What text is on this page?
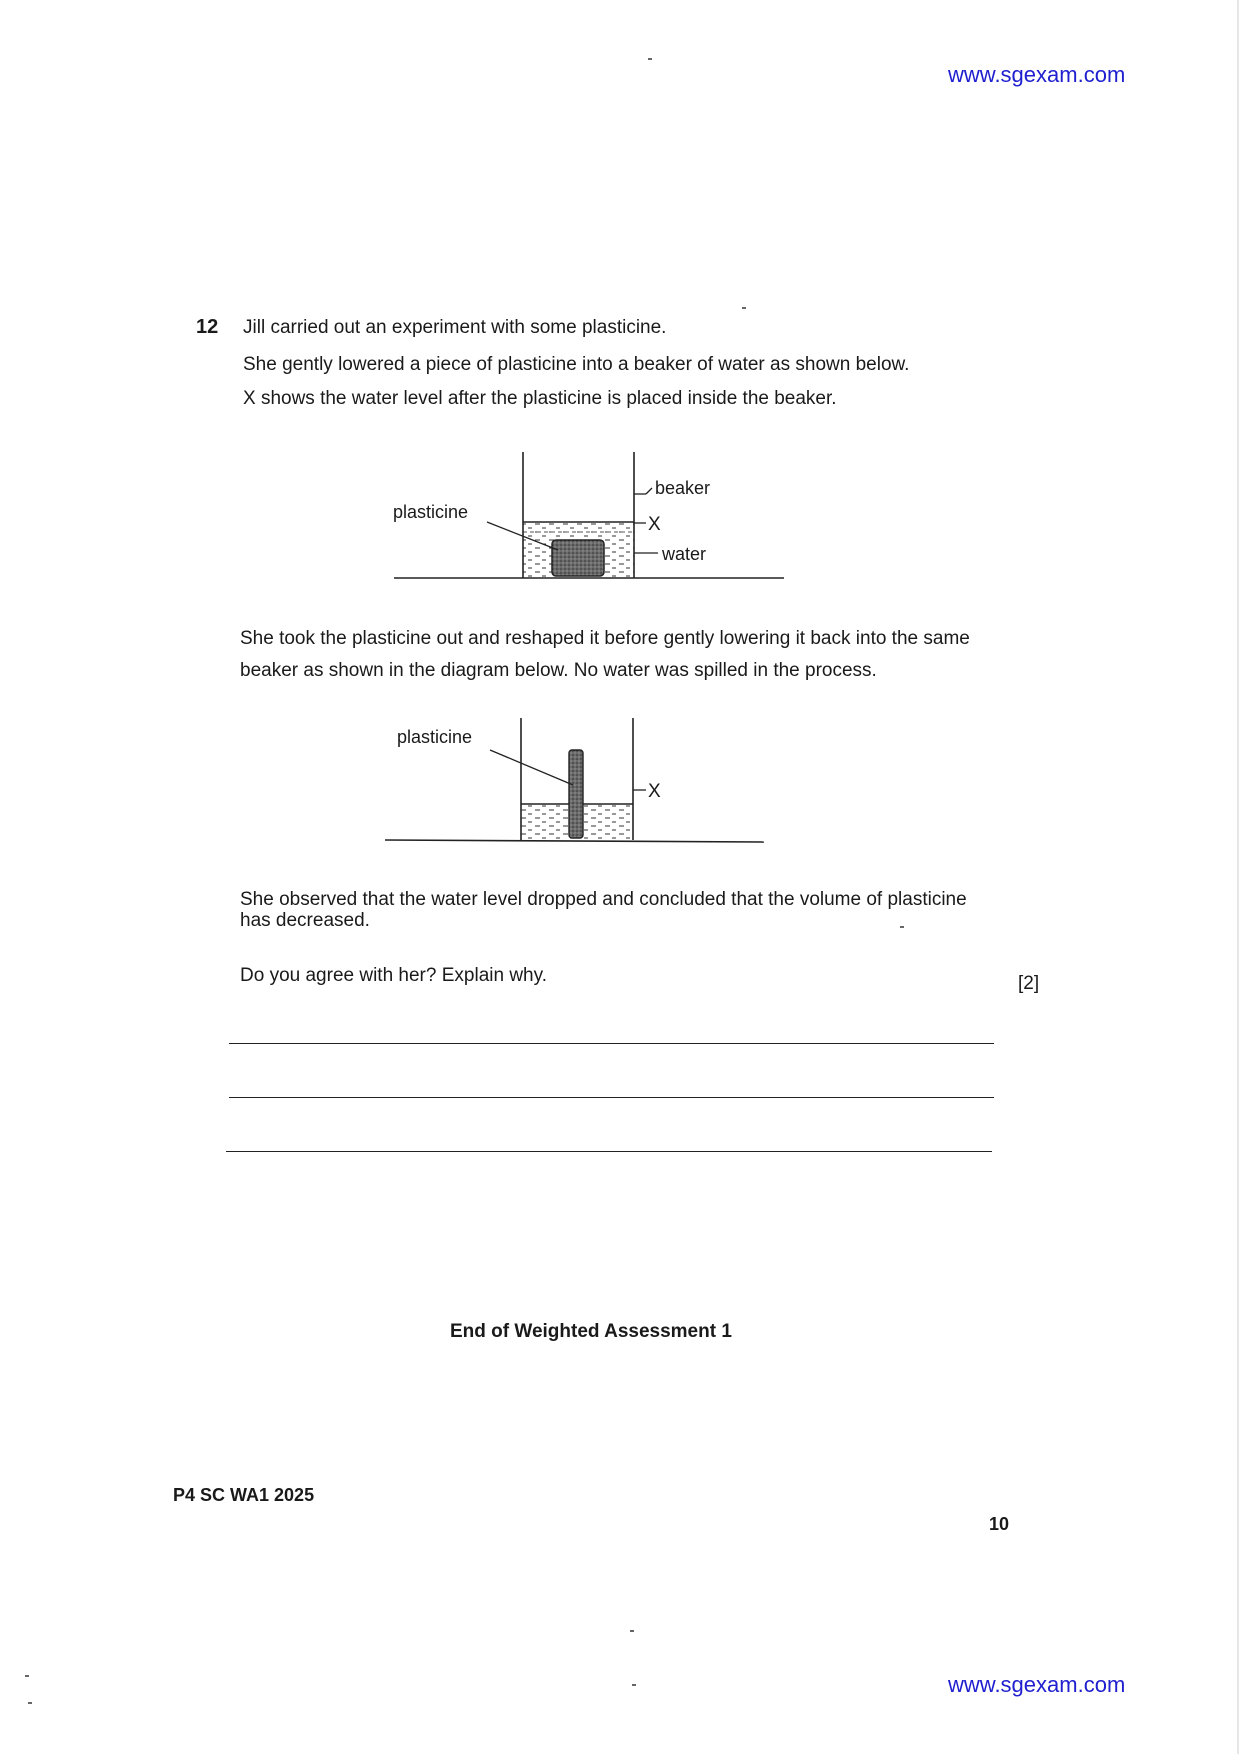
www.sgexam.com
12 Jill carried out an experiment with some plasticine.
She gently lowered a piece of plasticine into a beaker of water as shown below.
X shows the water level after the plasticine is placed inside the beaker.
plasticine
beaker
X
water
She took the plasticine out and reshaped it before gently lowering it back into the same
beaker as shown in the diagram below. No water was spilled in the process.
plasticine
X
She observed that the water level dropped and concluded that the volume of plasticine
has decreased.
Do you agree with her? Explain why.	[2]
End of Weighted Assessment 1
P4 SC WA1 2025
10
www.sgexam.com
